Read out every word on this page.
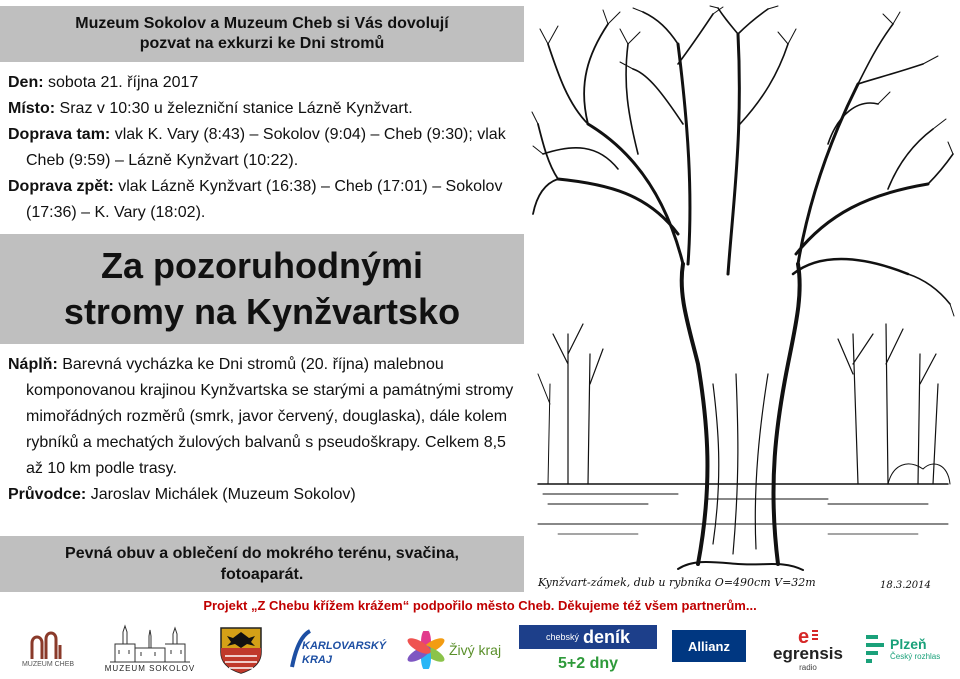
Muzeum Sokolov a Muzeum Cheb si Vás dovolují
pozvat na exkurzi ke Dni stromů

Den: sobota 21. října 2017

Místo: Sraz v 10:30 u železniční stanice Lázně Kynžvart.

Doprava tam: vlak K. Vary (8:43) – Sokolov (9:04) – Cheb (9:30); vlak Cheb (9:59) – Lázně Kynžvart (10:22).

Doprava zpět: vlak Lázně Kynžvart (16:38) – Cheb (17:01) – Sokolov (17:36) – K. Vary (18:02).

Za pozoruhodnými
stromy na Kynžvartsko

Náplň: Barevná vycházka ke Dni stromů (20. října) malebnou komponovanou krajinou Kynžvartska se starými a památnými stromy mimořádných rozměrů (smrk, javor červený, douglaska), dále kolem rybníků a mechatých žulových balvanů s pseudoškrapy. Celkem 8,5 až 10 km podle trasy.

Průvodce: Jaroslav Michálek (Muzeum Sokolov)

Pevná obuv a oblečení do mokrého terénu, svačina,
fotoaparát.	Kynžvart-zámek, dub u rybníka O=490cm V=32m	18.3.2014
Projekt „Z Chebu křížem krážem“ podpořilo město Cheb. Děkujeme též všem partnerům...
MUZEUM CHEB	MUZEUM SOKOLOV
KARLOVARSKÝ
KRAJ
Živý kraj
chebský deník
5+2 dny
Allianz	e
egrensis
radio
Plzeň
Český rozhlas
